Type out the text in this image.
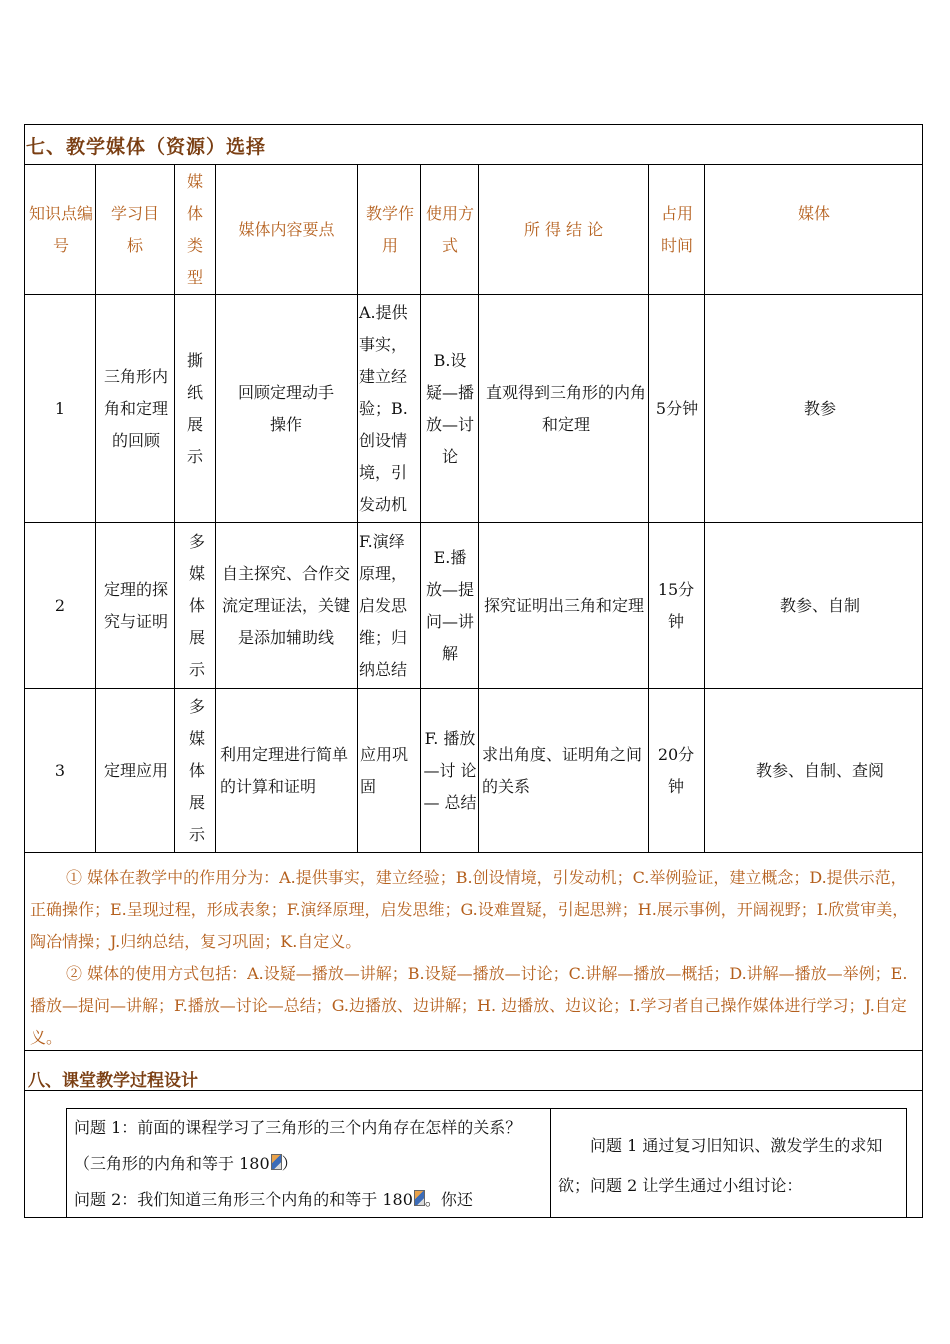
七、教学媒体（资源）选择
知识点编 号
学习目标
媒体类型
媒体内容要点
教学作用
使用方式
所 得 结 论
占用时间
媒体
1
三角形内角和定理的回顾
撕纸展示
回顾定理动手操作
A.提供事实，建立经验；B.创设情境，引发动机
B.设疑—播放—讨论
直观得到三角形的内角和定理
5分钟	教参
2
定理的探究与证明
多媒体展示
自主探究、合作交流定理证法，关键是添加辅助线
F.演绎原理，启发思维；归纳总结
E.播放—提问—讲解
探究证明出三角和定理
15分钟
教参、自制
3	定理应用
多媒体展示
利用定理进行简单的计算和证明
应用巩固
F. 播放 —讨 论— 总结
求出角度、证明角之间的关系
20分钟
教参、自制、查阅

① 媒体在教学中的作用分为：A.提供事实，建立经验；B.创设情境，引发动机；C.举例验证，建立概念；D.提供示范，正确操作；E.呈现过程，形成表象；F.演绎原理，启发思维；G.设难置疑，引起思辨；H.展示事例，开阔视野；I.欣赏审美，陶冶情操；J.归纳总结，复习巩固；K.自定义。

② 媒体的使用方式包括：A.设疑—播放—讲解；B.设疑—播放—讨论；C.讲解—播放—概括；D.讲解—播放—举例；E.播放—提问—讲解；F.播放—讨论—总结；G.边播放、边讲解；H. 边播放、边议论；I.学习者自己操作媒体进行学习；J.自定义。

八、课堂教学过程设计
问题 1：前面的课程学习了三角形的三个内角存在怎样的关系？（三角形的内角和等于 180 ）
问题 2：我们知道三角形三个内角的和等于 180 。你还
问题 1 通过复习旧知识、激发学生的求知欲；问题 2 让学生通过小组讨论：
